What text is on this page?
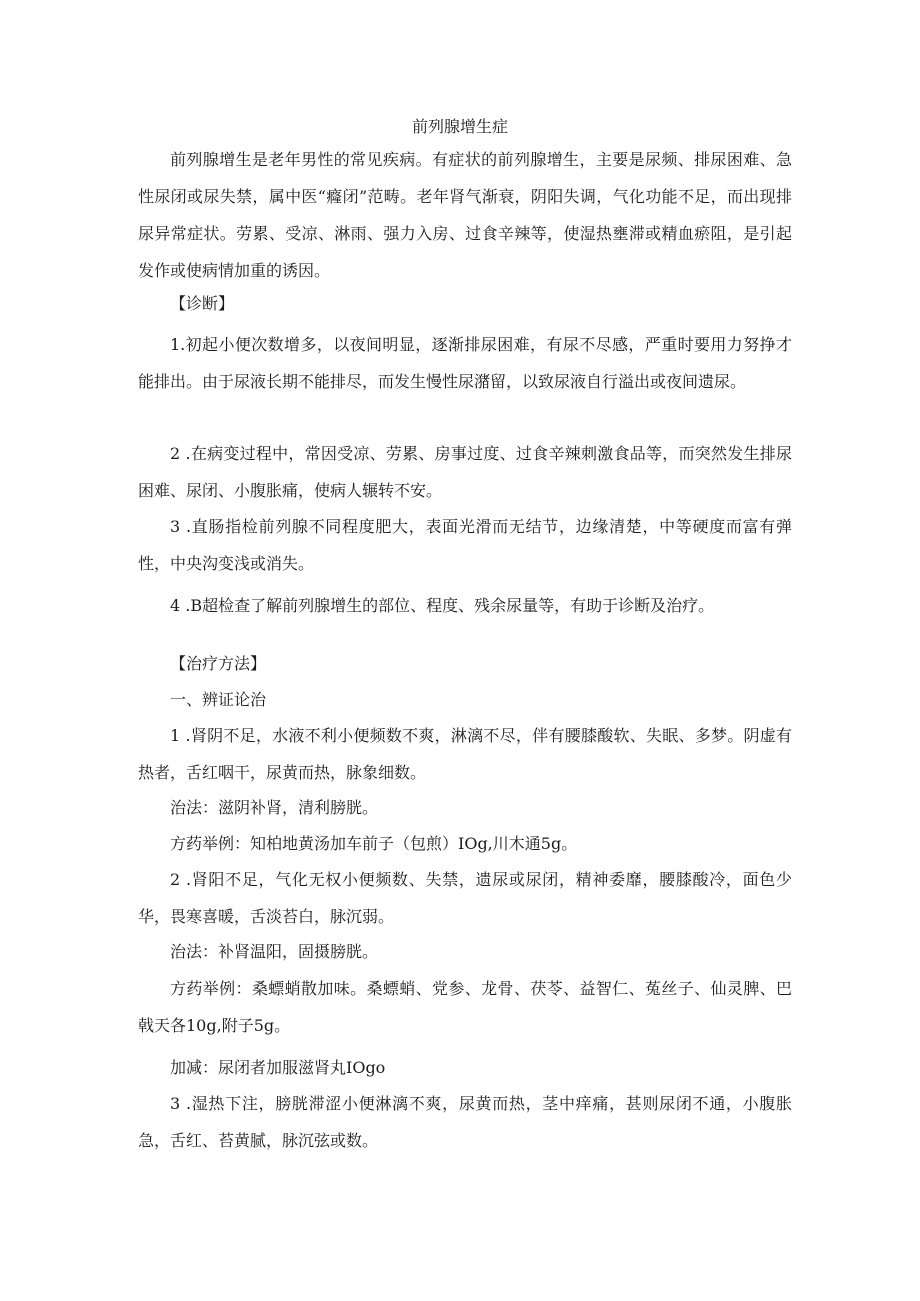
前列腺增生症

前列腺增生是老年男性的常见疾病。有症状的前列腺增生，主要是尿频、排尿困难、急性尿闭或尿失禁，属中医“癃闭”范畴。老年肾气渐衰，阴阳失调，气化功能不足，而出现排尿异常症状。劳累、受凉、淋雨、强力入房、过食辛辣等，使湿热壅滞或精血瘀阻，是引起发作或使病情加重的诱因。

【诊断】

1.初起小便次数增多，以夜间明显，逐渐排尿困难，有尿不尽感，严重时要用力努挣才能排出。由于尿液长期不能排尽，而发生慢性尿潴留，以致尿液自行溢出或夜间遗尿。

2 .在病变过程中，常因受凉、劳累、房事过度、过食辛辣刺激食品等，而突然发生排尿困难、尿闭、小腹胀痛，使病人辗转不安。

3 .直肠指检前列腺不同程度肥大，表面光滑而无结节，边缘清楚，中等硬度而富有弹性，中央沟变浅或消失。

4 .B超检查了解前列腺增生的部位、程度、残余尿量等，有助于诊断及治疗。

【治疗方法】

一、辨证论治

1 .肾阴不足，水液不利小便频数不爽，淋漓不尽，伴有腰膝酸软、失眠、多梦。阴虚有热者，舌红咽干，尿黄而热，脉象细数。

治法：滋阴补肾，清利膀胱。

方药举例：知柏地黄汤加车前子（包煎）IOg,川木通5g。

2 .肾阳不足，气化无权小便频数、失禁，遗尿或尿闭，精神委靡，腰膝酸冷，面色少华，畏寒喜暖，舌淡苔白，脉沉弱。

治法：补肾温阳，固摄膀胱。

方药举例：桑螵蛸散加味。桑螵蛸、党参、龙骨、茯苓、益智仁、菟丝子、仙灵脾、巴戟天各10g,附子5g。

加减：尿闭者加服滋肾丸IOgo

3 .湿热下注，膀胱滞涩小便淋漓不爽，尿黄而热，茎中痒痛，甚则尿闭不通，小腹胀急，舌红、苔黄腻，脉沉弦或数。
